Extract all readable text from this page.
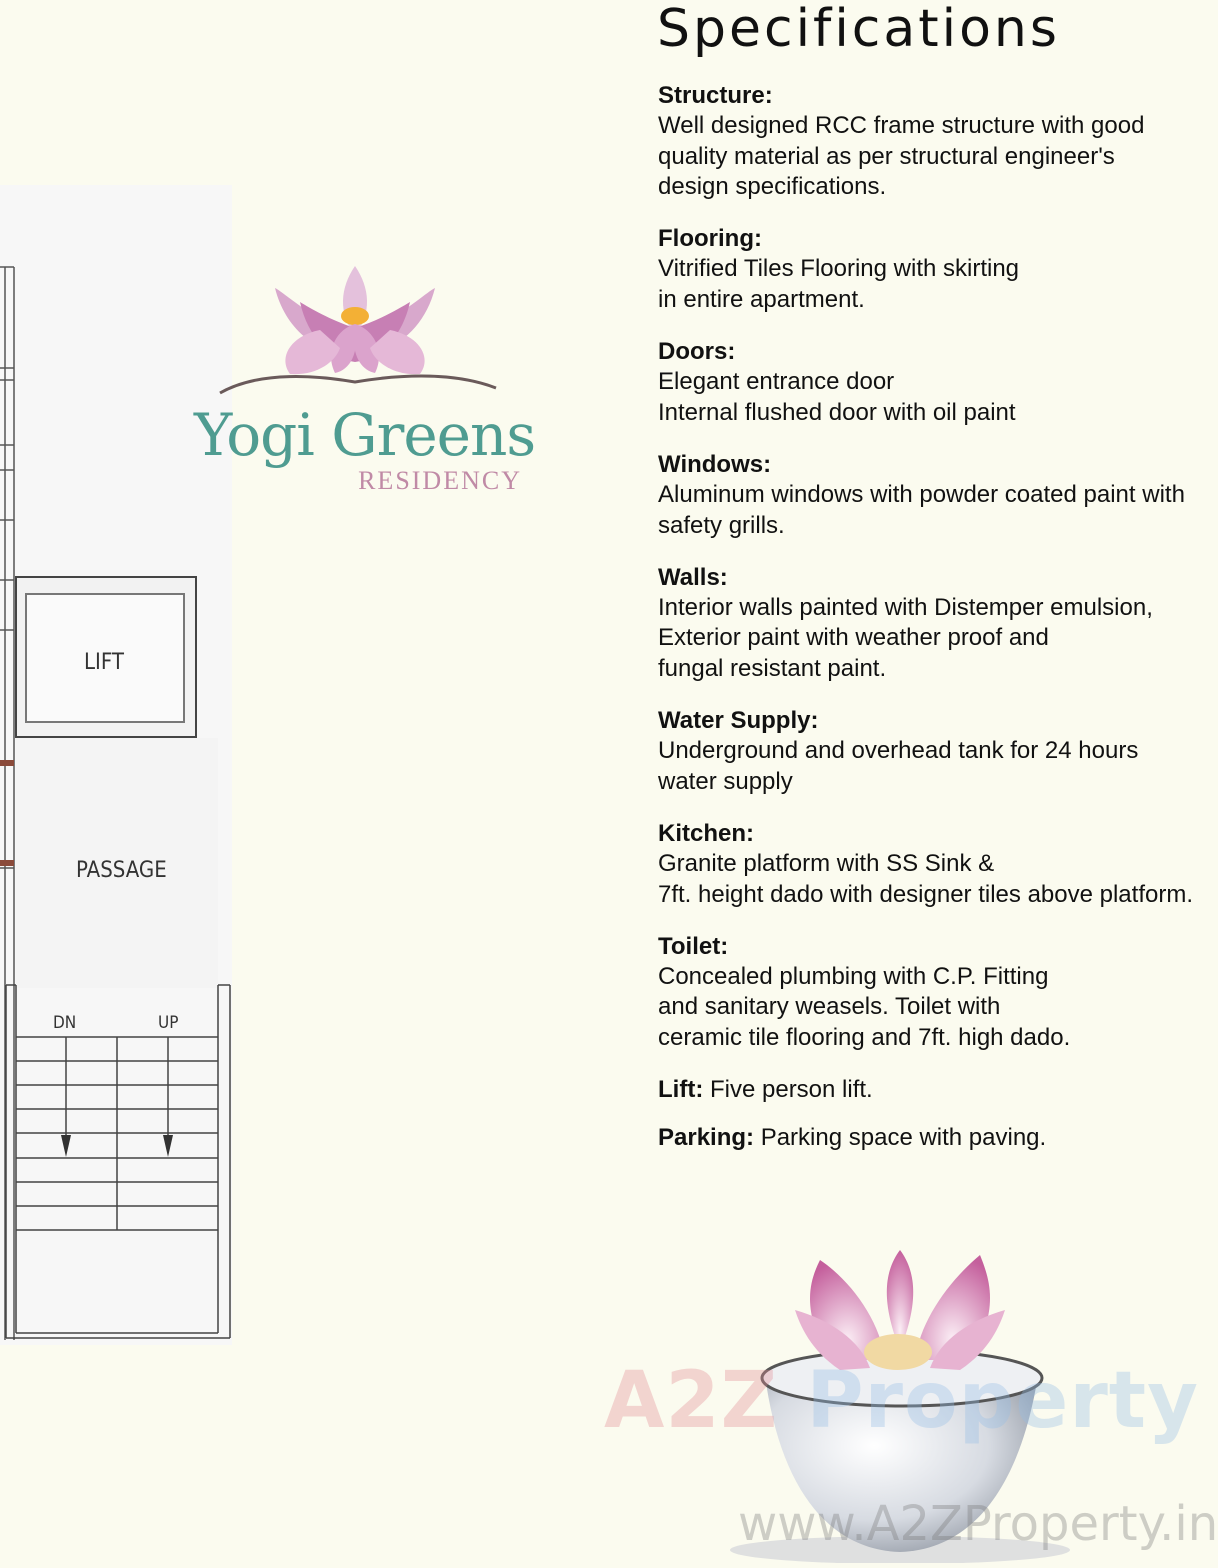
LIFT
PASSAGE
DN	UP
Yogi Greens
RESIDENCY
Specifications
Structure:
Well designed RCC frame structure with good
quality material as per structural engineer's
design specifications.
Flooring:
Vitrified Tiles Flooring with skirting
in entire apartment.
Doors:
Elegant entrance door
Internal flushed door with oil paint
Windows:
Aluminum windows with powder coated paint with
safety grills.
Walls:
Interior walls painted with Distemper emulsion,
Exterior paint with weather proof and
fungal resistant paint.
Water Supply:
Underground and overhead tank for 24 hours
water supply
Kitchen:
Granite platform with SS Sink &
7ft. height dado with designer tiles above platform.
Toilet:
Concealed plumbing with C.P. Fitting
and sanitary weasels. Toilet with
ceramic tile flooring and 7ft. high dado.
Lift: Five person lift.
Parking: Parking space with paving.
A2Z Property
www.A2ZProperty.in
